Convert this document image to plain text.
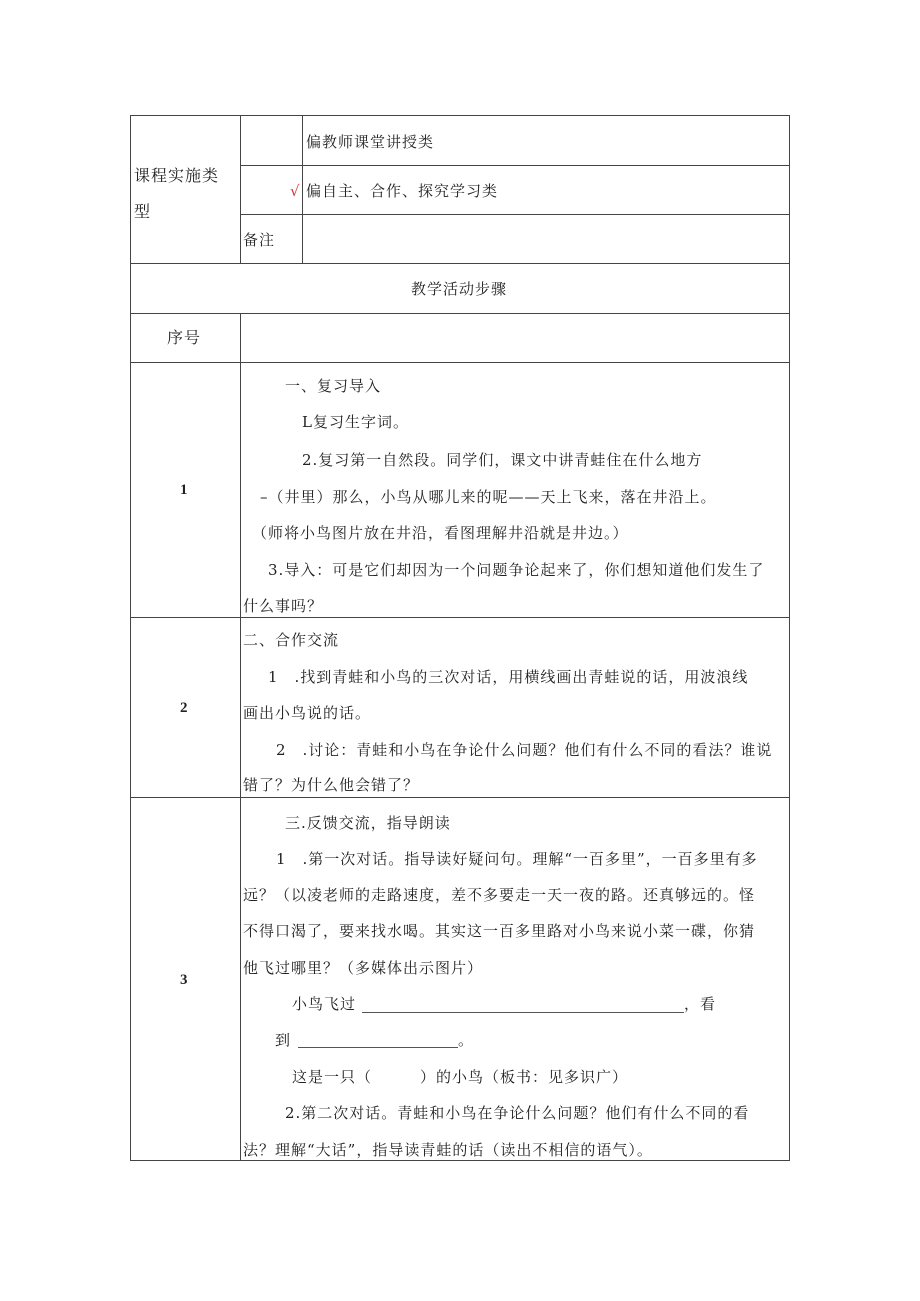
课程实施类
型
偏教师课堂讲授类
√ 偏自主、合作、探究学习类
备注
教学活动步骤
序号
1
一、复习导入
L复习生字词。
2.复习第一自然段。同学们，课文中讲青蛙住在什么地方
–（井里）那么，小鸟从哪儿来的呢——天上飞来，落在井沿上。
（师将小鸟图片放在井沿，看图理解井沿就是井边。）
3.导入：可是它们却因为一个问题争论起来了，你们想知道他们发生了
什么事吗？
2
二、合作交流
1　.找到青蛙和小鸟的三次对话，用横线画出青蛙说的话，用波浪线
画出小鸟说的话。
2　.讨论：青蛙和小鸟在争论什么问题？他们有什么不同的看法？谁说
错了？为什么他会错了？
3
三.反馈交流，指导朗读
1　.第一次对话。指导读好疑问句。理解“一百多里”，一百多里有多
远？（以凌老师的走路速度，差不多要走一天一夜的路。还真够远的。怪
不得口渴了，要来找水喝。其实这一百多里路对小鸟来说小菜一碟，你猜
他飞过哪里？（多媒体出示图片）
小鸟飞过	，看
到	。
这是一只（　　　）的小鸟（板书：见多识广）
2.第二次对话。青蛙和小鸟在争论什么问题？他们有什么不同的看
法？理解“大话”，指导读青蛙的话（读出不相信的语气）。
